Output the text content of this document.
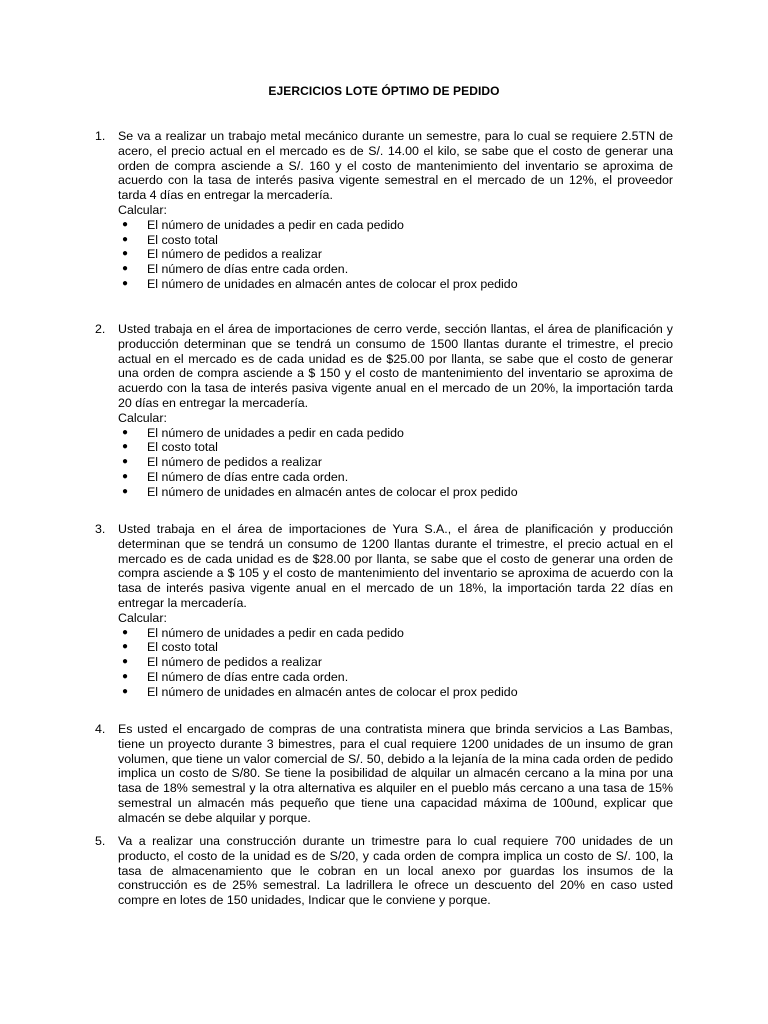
EJERCICIOS LOTE ÓPTIMO DE PEDIDO
1. Se va a realizar un trabajo metal mecánico durante un semestre, para lo cual se requiere 2.5TN de acero, el precio actual en el mercado es de S/. 14.00 el kilo, se sabe que el costo de generar una orden de compra asciende a S/. 160 y el costo de mantenimiento del inventario se aproxima de acuerdo con la tasa de interés pasiva vigente semestral en el mercado de un 12%, el proveedor tarda 4 días en entregar la mercadería.
Calcular:
● El número de unidades a pedir en cada pedido
● El costo total
● El número de pedidos a realizar
● El número de días entre cada orden.
● El número de unidades en almacén antes de colocar el prox pedido
2. Usted trabaja en el área de importaciones de cerro verde, sección llantas, el área de planificación y producción determinan que se tendrá un consumo de 1500 llantas durante el trimestre, el precio actual en el mercado es de cada unidad es de $25.00 por llanta, se sabe que el costo de generar una orden de compra asciende a $ 150 y el costo de mantenimiento del inventario se aproxima de acuerdo con la tasa de interés pasiva vigente anual en el mercado de un 20%, la importación tarda 20 días en entregar la mercadería.
Calcular:
● El número de unidades a pedir en cada pedido
● El costo total
● El número de pedidos a realizar
● El número de días entre cada orden.
● El número de unidades en almacén antes de colocar el prox pedido
3. Usted trabaja en el área de importaciones de Yura S.A., el área de planificación y producción determinan que se tendrá un consumo de 1200 llantas durante el trimestre, el precio actual en el mercado es de cada unidad es de $28.00 por llanta, se sabe que el costo de generar una orden de compra asciende a $ 105 y el costo de mantenimiento del inventario se aproxima de acuerdo con la tasa de interés pasiva vigente anual en el mercado de un 18%, la importación tarda 22 días en entregar la mercadería.
Calcular:
● El número de unidades a pedir en cada pedido
● El costo total
● El número de pedidos a realizar
● El número de días entre cada orden.
● El número de unidades en almacén antes de colocar el prox pedido
4. Es usted el encargado de compras de una contratista minera que brinda servicios a Las Bambas, tiene un proyecto durante 3 bimestres, para el cual requiere 1200 unidades de un insumo de gran volumen, que tiene un valor comercial de S/. 50, debido a la lejanía de la mina cada orden de pedido implica un costo de S/80. Se tiene la posibilidad de alquilar un almacén cercano a la mina por una tasa de 18% semestral y la otra alternativa es alquiler en el pueblo más cercano a una tasa de 15% semestral un almacén más pequeño que tiene una capacidad máxima de 100und, explicar que almacén se debe alquilar y porque.
5. Va a realizar una construcción durante un trimestre para lo cual requiere 700 unidades de un producto, el costo de la unidad es de S/20, y cada orden de compra implica un costo de S/. 100, la tasa de almacenamiento que le cobran en un local anexo por guardas los insumos de la construcción es de 25% semestral. La ladrillera le ofrece un descuento del 20% en caso usted compre en lotes de 150 unidades, Indicar que le conviene y porque.
